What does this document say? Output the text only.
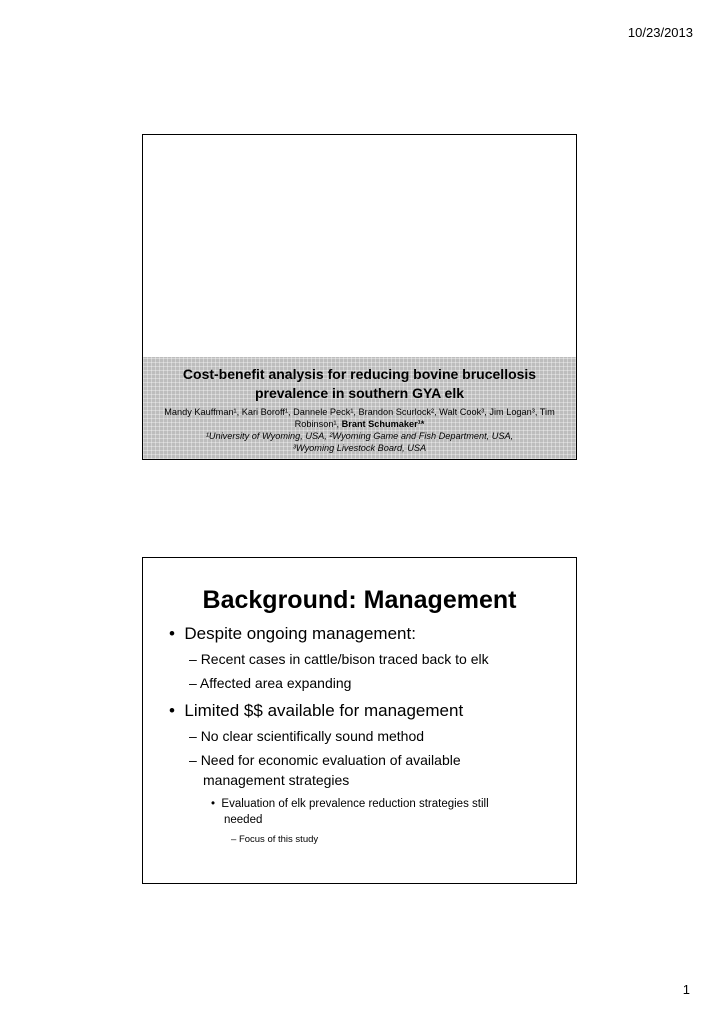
10/23/2013
Cost-benefit analysis for reducing bovine brucellosis
prevalence in southern GYA elk
Mandy Kauffman¹, Kari Boroff¹, Dannele Peck¹, Brandon Scurlock², Walt Cook³, Jim Logan³, Tim
Robinson¹, Brant Schumaker¹*
¹University of Wyoming, USA, ²Wyoming Game and Fish Department, USA,
³Wyoming Livestock Board, USA
Background: Management
•  Despite ongoing management:
– Recent cases in cattle/bison traced back to elk
– Affected area expanding
•  Limited $$ available for management
– No clear scientifically sound method
– Need for economic evaluation of available
management strategies
•  Evaluation of elk prevalence reduction strategies still
needed
– Focus of this study
1
